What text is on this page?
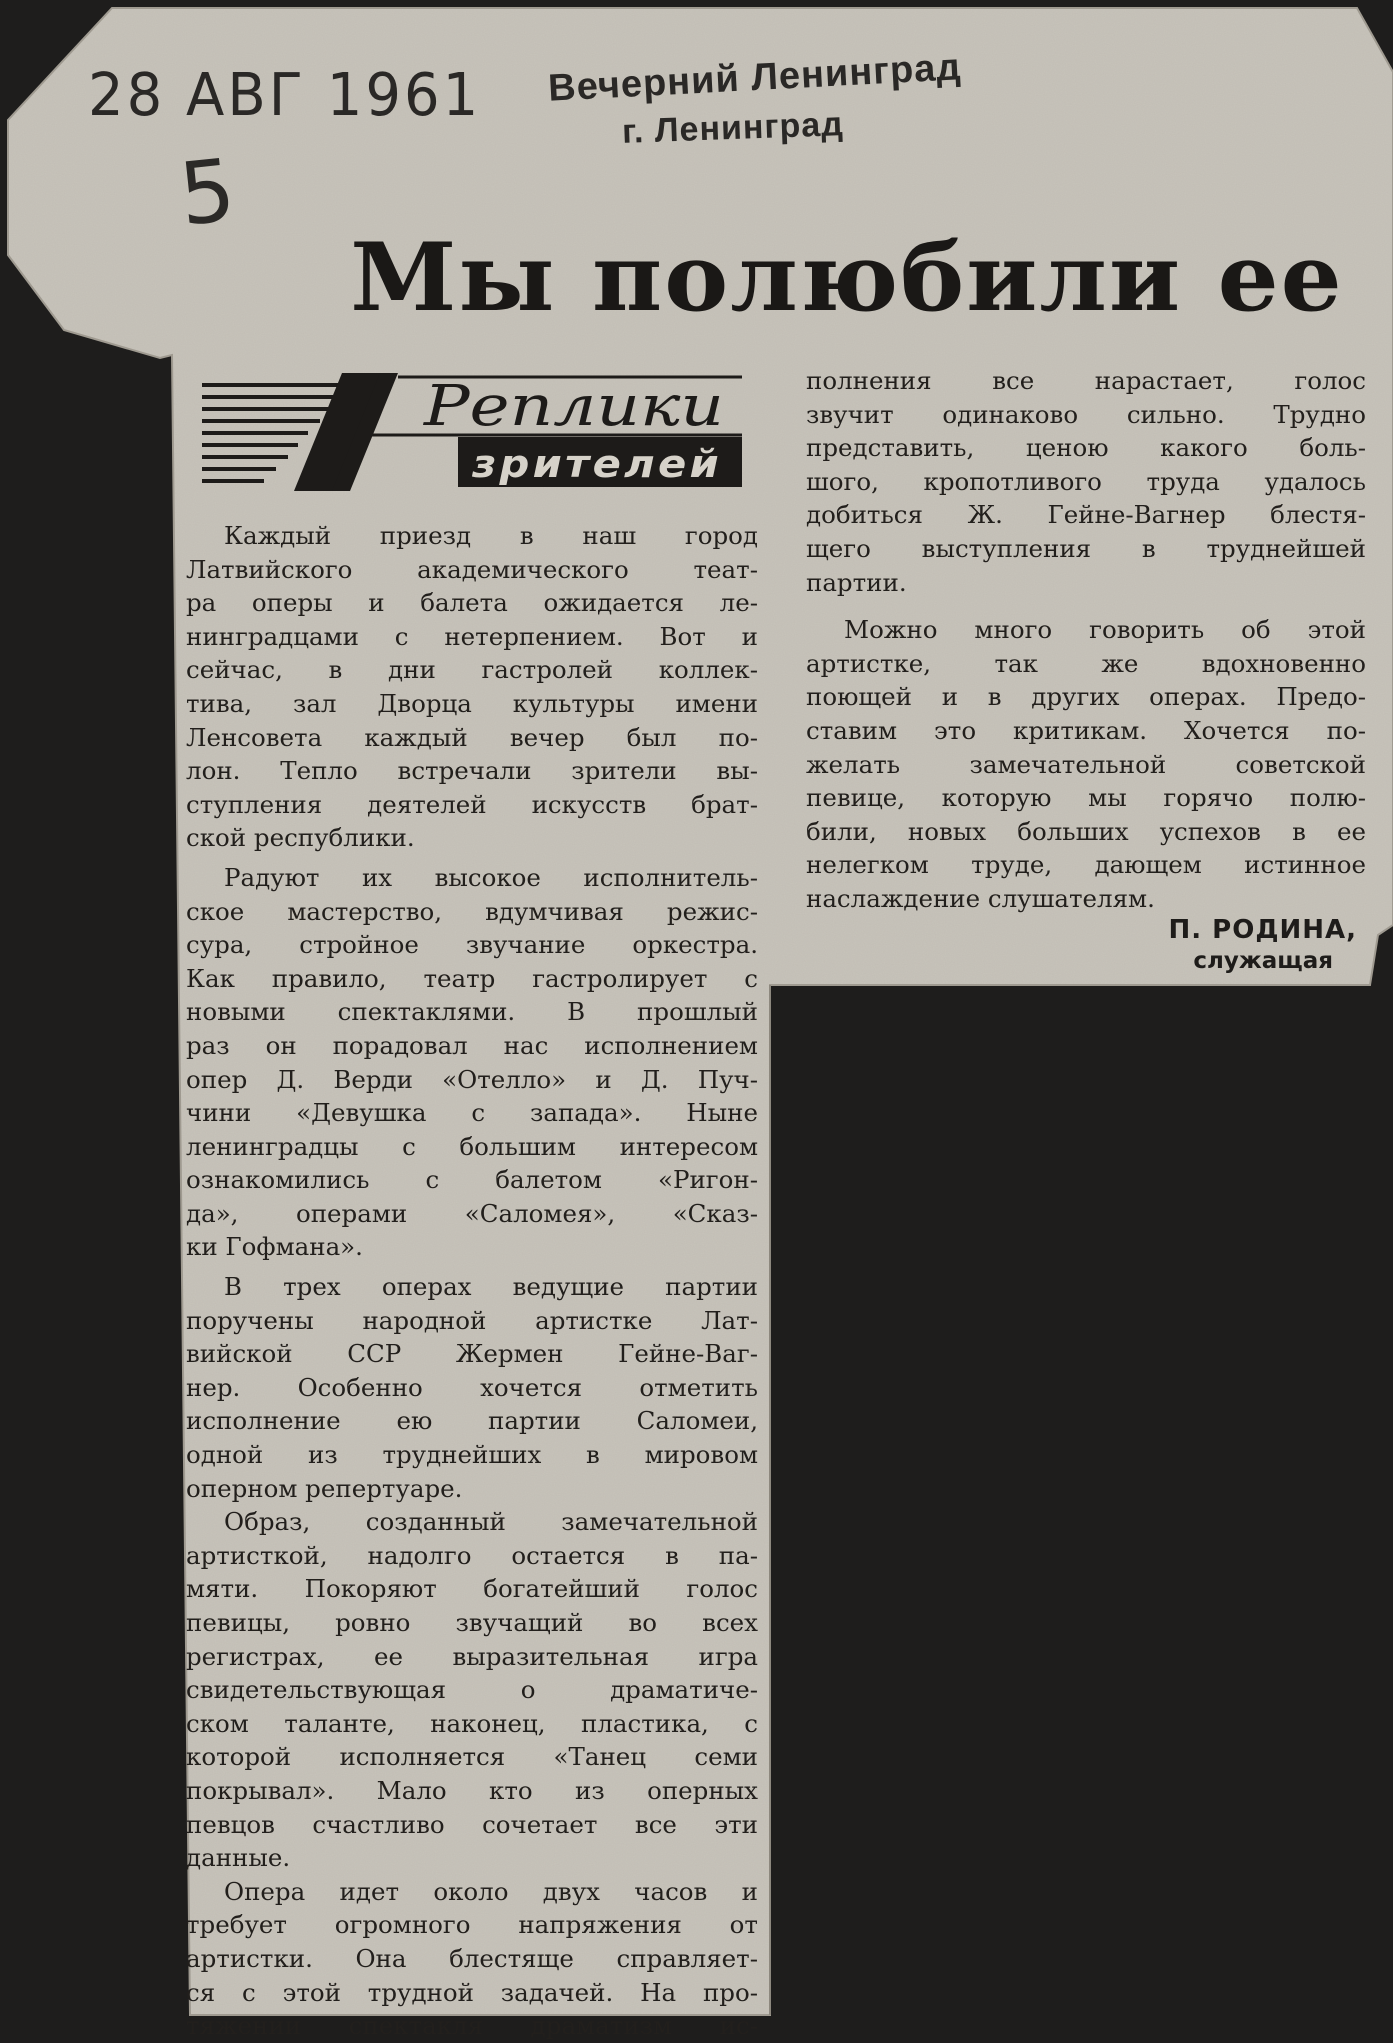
28 АВГ 1961
5
Вечерний Ленинград
г. Ленинград
Мы полюбили ее
Реплики
зрителей
Каждый приезд в наш город
Латвийского академического теат-
ра оперы и балета ожидается ле-
нинградцами с нетерпением. Вот и
сейчас, в дни гастролей коллек-
тива, зал Дворца культуры имени
Ленсовета каждый вечер был по-
лон. Тепло встречали зрители вы-
ступления деятелей искусств брат-
ской республики.
Радуют их высокое исполнитель-
ское мастерство, вдумчивая режис-
сура, стройное звучание оркестра.
Как правило, театр гастролирует с
новыми спектаклями. В прошлый
раз он порадовал нас исполнением
опер Д. Верди «Отелло» и Д. Пуч-
чини «Девушка с запада». Ныне
ленинградцы с большим интересом
ознакомились с балетом «Ригон-
да», операми «Саломея», «Сказ-
ки Гофмана».
В трех операх ведущие партии
поручены народной артистке Лат-
вийской ССР Жермен Гейне-Ваг-
нер. Особенно хочется отметить
исполнение ею партии Саломеи,
одной из труднейших в мировом
оперном репертуаре.
Образ, созданный замечательной
артисткой, надолго остается в па-
мяти. Покоряют богатейший голос
певицы, ровно звучащий во всех
регистрах, ее выразительная игра
свидетельствующая о драматиче-
ском таланте, наконец, пластика, с
которой исполняется «Танец семи
покрывал». Мало кто из оперных
певцов счастливо сочетает все эти
данные.
Опера идет около двух часов и
требует огромного напряжения от
артистки. Она блестяще справляет-
ся с этой трудной задачей. На про-
тяжении спектакля драматизм ис-
полнения все нарастает, голос
звучит одинаково сильно. Трудно
представить, ценою какого боль-
шого, кропотливого труда удалось
добиться Ж. Гейне-Вагнер блестя-
щего выступления в труднейшей
партии.
Можно много говорить об этой
артистке, так же вдохновенно
поющей и в других операх. Предо-
ставим это критикам. Хочется по-
желать замечательной советской
певице, которую мы горячо полю-
били, новых больших успехов в ее
нелегком труде, дающем истинное
наслаждение слушателям.
П. РОДИНА,
служащая
